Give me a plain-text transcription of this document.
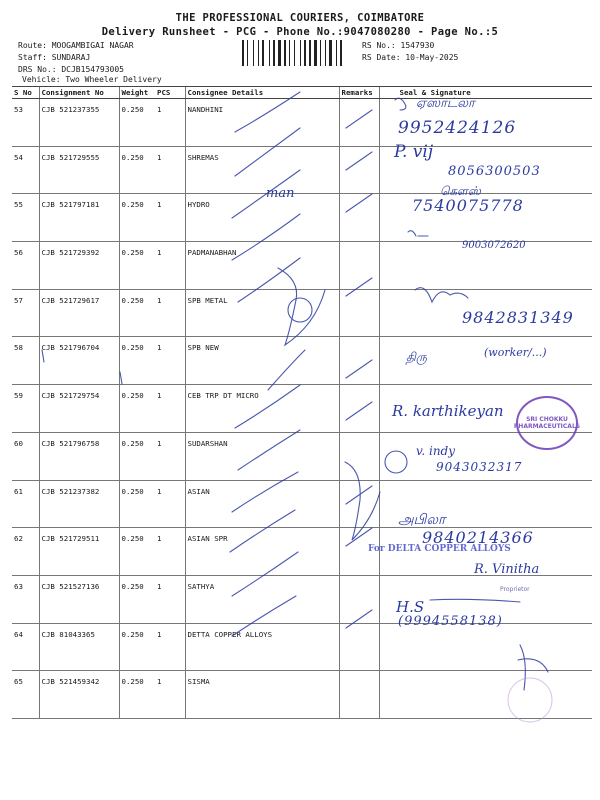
THE PROFESSIONAL COURIERS, COIMBATORE
Delivery Runsheet - PCG - Phone No.:9047080280 - Page No.:5
Route: MOOGAMBIGAI NAGAR
Staff: SUNDARAJ
DRS No.: DCJB154793005
Vehicle: Two Wheeler Delivery
RS No.: 1547930
RS Date: 10-May-2025
S No	Consignment No	Weight	PCS	Consignee Details	Remarks	Seal & Signature
53	CJB 521237355	0.250	1	NANDHINI		
54	CJB 521729555	0.250	1	SHREMAS		
55	CJB 521797181	0.250	1	HYDRO		
56	CJB 521729392	0.250	1	PADMANABHAN		
57	CJB 521729617	0.250	1	SPB METAL		
58	CJB 521796704	0.250	1	SPB NEW		
59	CJB 521729754	0.250	1	CEB TRP DT MICRO		
60	CJB 521796758	0.250	1	SUDARSHAN		
61	CJB 521237382	0.250	1	ASIAN		
62	CJB 521729511	0.250	1	ASIAN SPR		
63	CJB 521527136	0.250	1	SATHYA		
64	CJB 81043365	0.250	1	DETTA COPPER ALLOYS		
65	CJB 521459342	0.250	1	SISMA		
ஏஸாட்லா
9952424126
P. vij
8056300503
man	கௌஸ்
7540075778
9003072620
9842831349
திரு	(worker/...)
R. karthikeyan
v. indy
9043032317
அபிலா
9840214366
R. Vinitha
H.S
(9994558138)
For DELTA COPPER ALLOYS
Proprietor
SRI CHOKKU PHARMACEUTICALS
